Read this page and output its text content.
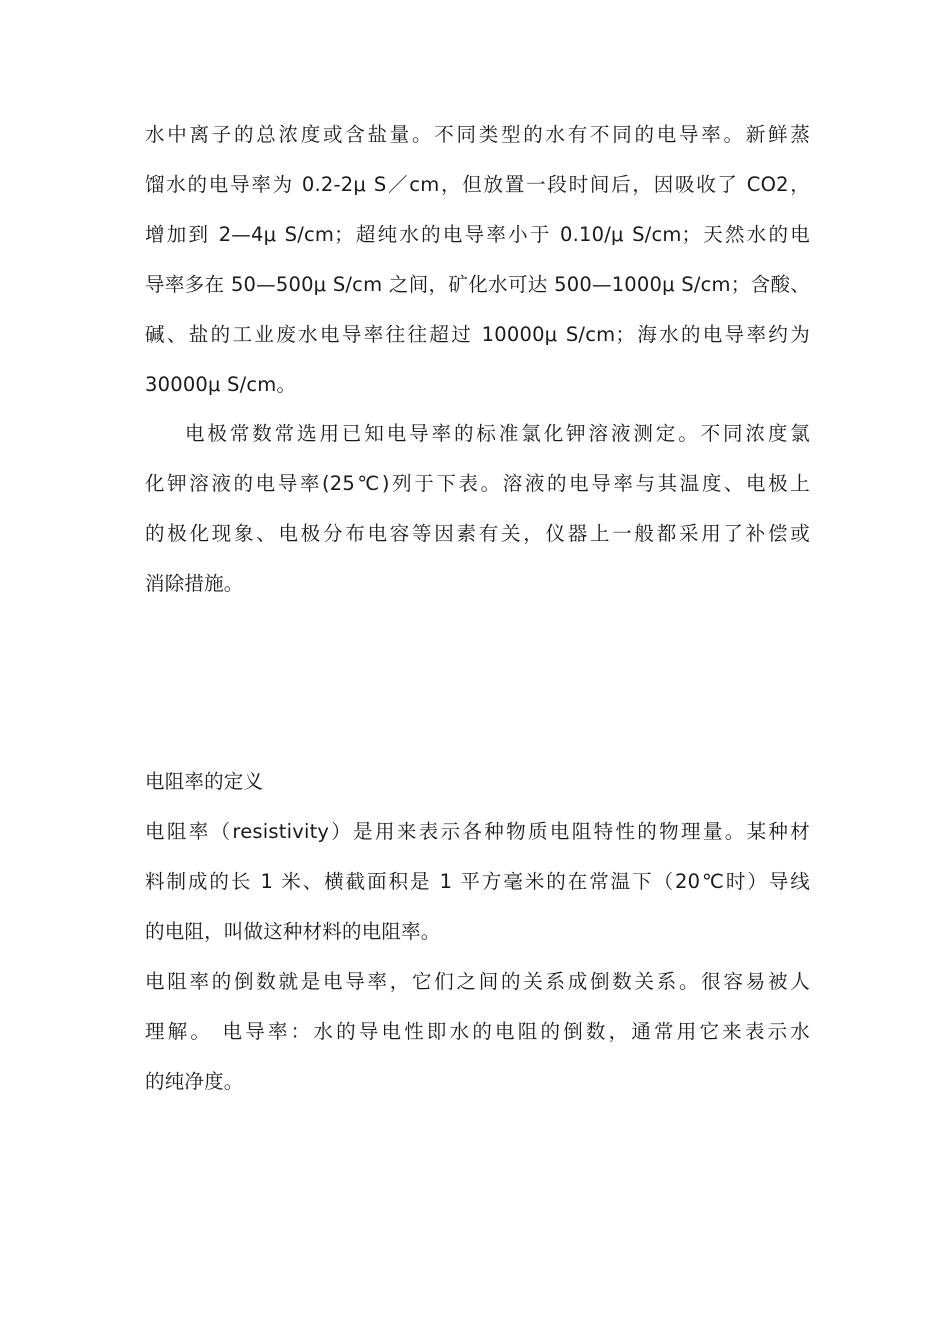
水中离子的总浓度或含盐量。不同类型的水有不同的电导率。新鲜蒸
馏水的电导率为 0.2-2μ S／cm，但放置一段时间后，因吸收了 CO2，
增加到 2—4μ S/cm；超纯水的电导率小于 0.10/μ S/cm；天然水的电
导率多在 50—500μ S/cm 之间，矿化水可达 500—1000μ S/cm；含酸、
碱、盐的工业废水电导率往往超过 10000μ S/cm；海水的电导率约为
30000μ S/cm。
电极常数常选用已知电导率的标准氯化钾溶液测定。不同浓度氯
化钾溶液的电导率(25℃)列于下表。溶液的电导率与其温度、电极上
的极化现象、电极分布电容等因素有关，仪器上一般都采用了补偿或
消除措施。
电阻率的定义
电阻率（resistivity）是用来表示各种物质电阻特性的物理量。某种材
料制成的长 1 米、横截面积是 1 平方毫米的在常温下（20℃时）导线
的电阻，叫做这种材料的电阻率。
电阻率的倒数就是电导率，它们之间的关系成倒数关系。很容易被人
理解。 电导率：水的导电性即水的电阻的倒数，通常用它来表示水
的纯净度。
